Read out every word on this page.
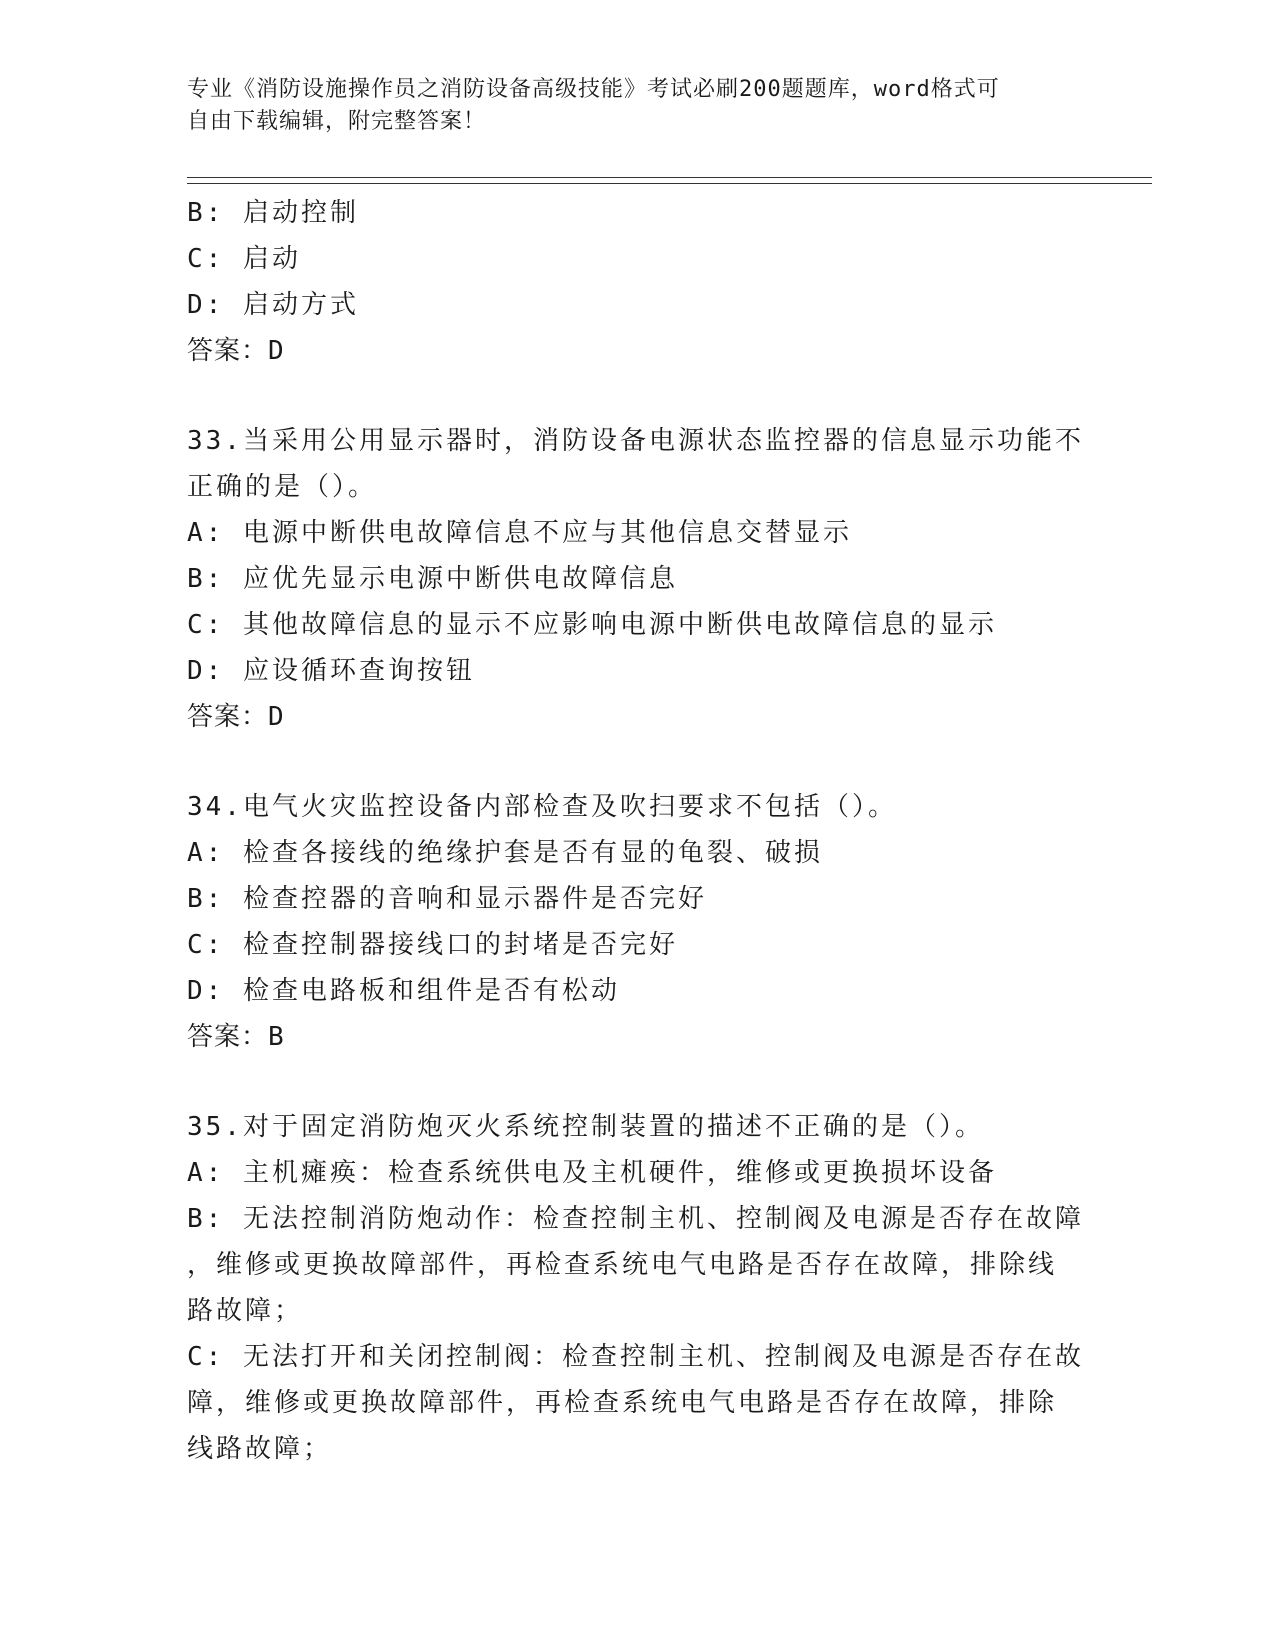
专业《消防设施操作员之消防设备高级技能》考试必刷200题题库，word格式可
自由下载编辑，附完整答案！
B: 启动控制
C: 启动
D: 启动方式
答案：D
33.当采用公用显示器时，消防设备电源状态监控器的信息显示功能不
正确的是（）。
A: 电源中断供电故障信息不应与其他信息交替显示
B: 应优先显示电源中断供电故障信息
C: 其他故障信息的显示不应影响电源中断供电故障信息的显示
D: 应设循环查询按钮
答案：D
34.电气火灾监控设备内部检查及吹扫要求不包括（）。
A: 检查各接线的绝缘护套是否有显的龟裂、破损
B: 检查控器的音响和显示器件是否完好
C: 检查控制器接线口的封堵是否完好
D: 检查电路板和组件是否有松动
答案：B
35.对于固定消防炮灭火系统控制装置的描述不正确的是（）。
A: 主机瘫痪：检查系统供电及主机硬件，维修或更换损坏设备
B: 无法控制消防炮动作：检查控制主机、控制阀及电源是否存在故障
，维修或更换故障部件，再检查系统电气电路是否存在故障，排除线
路故障；
C: 无法打开和关闭控制阀：检查控制主机、控制阀及电源是否存在故
障，维修或更换故障部件，再检查系统电气电路是否存在故障，排除
线路故障；
